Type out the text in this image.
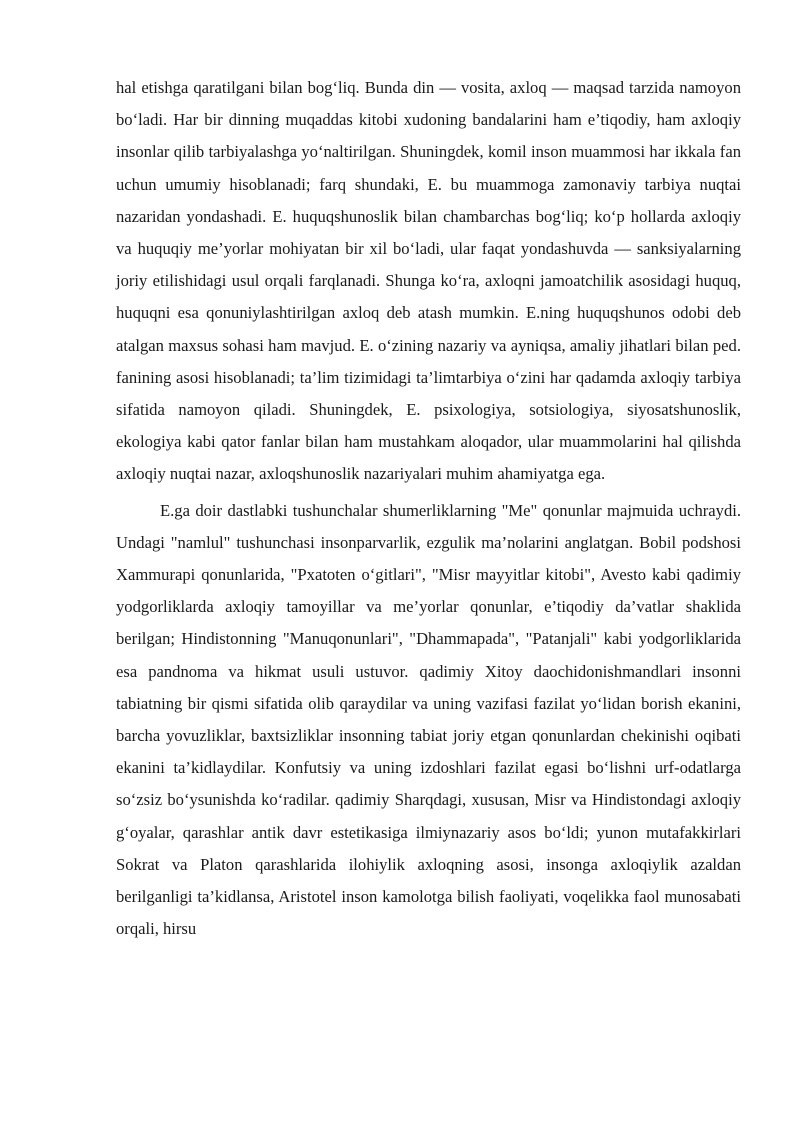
hal etishga qaratilgani bilan bog‘liq. Bunda din — vosita, axloq — maqsad tarzida namoyon bo‘ladi. Har bir dinning muqaddas kitobi xudoning bandalarini ham e’tiqodiy, ham axloqiy insonlar qilib tarbiyalashga yo‘naltirilgan. Shuningdek, komil inson muammosi har ikkala fan uchun umumiy hisoblanadi; farq shundaki, E. bu muammoga zamonaviy tarbiya nuqtai nazaridan yondashadi. E. huquqshunoslik bilan chambarchas bog‘liq; ko‘p hollarda axloqiy va huquqiy me’yorlar mohiyatan bir xil bo‘ladi, ular faqat yondashuvda — sanksiyalarning joriy etilishidagi usul orqali farqlanadi. Shunga ko‘ra, axloqni jamoatchilik asosidagi huquq, huquqni esa qonuniylashtirilgan axloq deb atash mumkin. E.ning huquqshunos odobi deb atalgan maxsus sohasi ham mavjud. E. o‘zining nazariy va ayniqsa, amaliy jihatlari bilan ped. fanining asosi hisoblanadi; ta’lim tizimidagi ta’limtarbiya o‘zini har qadamda axloqiy tarbiya sifatida namoyon qiladi. Shuningdek, E. psixologiya, sotsiologiya, siyosatshunoslik, ekologiya kabi qator fanlar bilan ham mustahkam aloqador, ular muammolarini hal qilishda axloqiy nuqtai nazar, axloqshunoslik nazariyalari muhim ahamiyatga ega.

E.ga doir dastlabki tushunchalar shumerliklarning "Me" qonunlar majmuida uchraydi. Undagi "namlul" tushunchasi insonparvarlik, ezgulik ma’nolarini anglatgan. Bobil podshosi Xammurapi qonunlarida, "Pxatoten o‘gitlari", "Misr mayyitlar kitobi", Avesto kabi qadimiy yodgorliklarda axloqiy tamoyillar va me’yorlar qonunlar, e’tiqodiy da’vatlar shaklida berilgan; Hindistonning "Manuqonunlari", "Dhammapada", "Patanjali" kabi yodgorliklarida esa pandnoma va hikmat usuli ustuvor. qadimiy Xitoy daochidonishmandlari insonni tabiatning bir qismi sifatida olib qaraydilar va uning vazifasi fazilat yo‘lidan borish ekanini, barcha yovuzliklar, baxtsizliklar insonning tabiat joriy etgan qonunlardan chekinishi oqibati ekanini ta’kidlaydilar. Konfutsiy va uning izdoshlari fazilat egasi bo‘lishni urf-odatlarga so‘zsiz bo‘ysunishda ko‘radilar. qadimiy Sharqdagi, xususan, Misr va Hindistondagi axloqiy g‘oyalar, qarashlar antik davr estetikasiga ilmiynazariy asos bo‘ldi; yunon mutafakkirlari Sokrat va Platon qarashlarida ilohiylik axloqning asosi, insonga axloqiylik azaldan berilganligi ta’kidlansa, Aristotel inson kamolotga bilish faoliyati, voqelikka faol munosabati orqali, hirsu
